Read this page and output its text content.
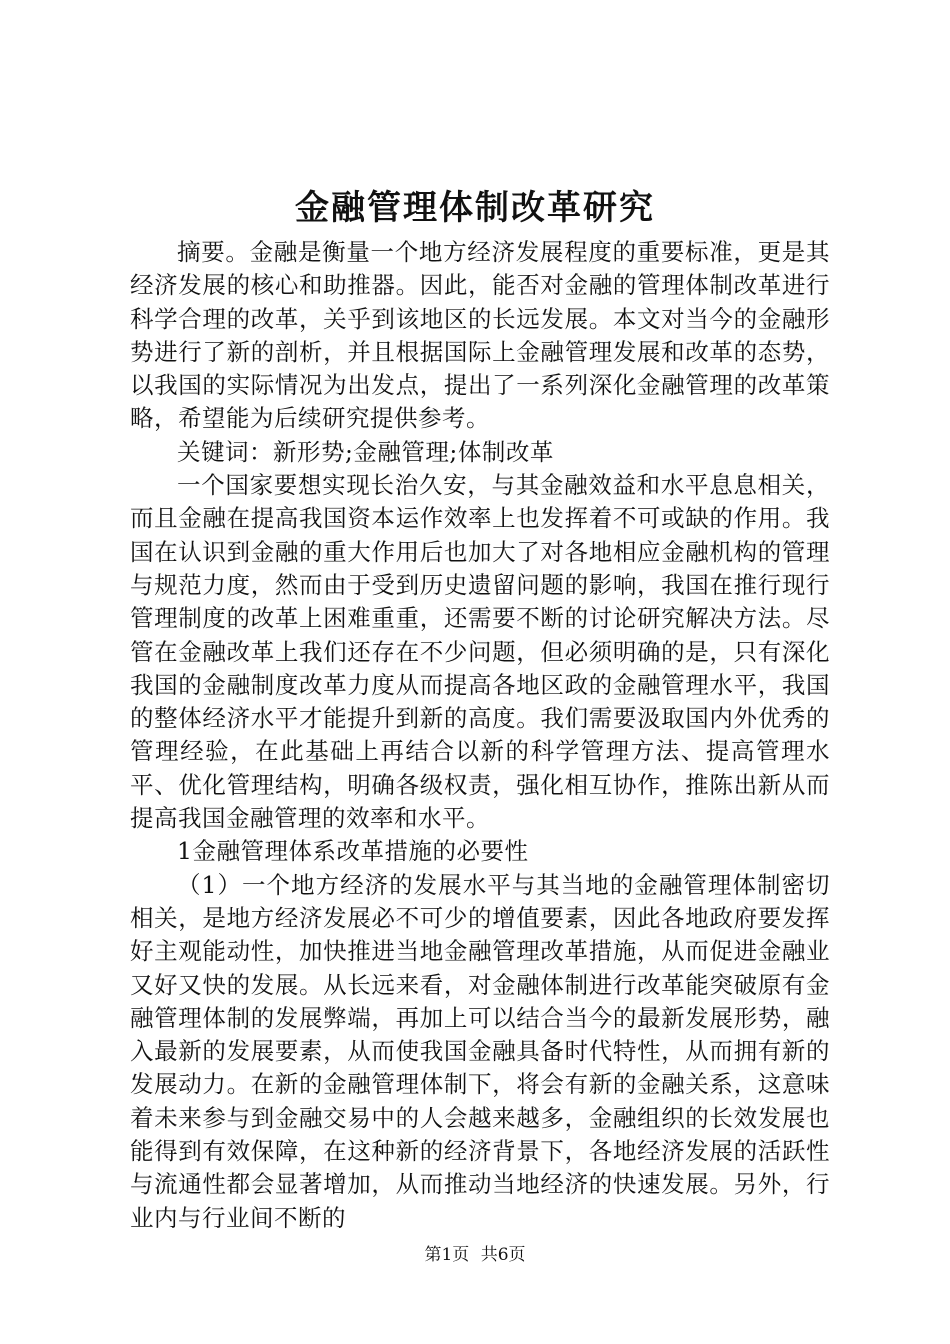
金融管理体制改革研究

摘要。金融是衡量一个地方经济发展程度的重要标准，更是其经济发展的核心和助推器。因此，能否对金融的管理体制改革进行科学合理的改革，关乎到该地区的长远发展。本文对当今的金融形势进行了新的剖析，并且根据国际上金融管理发展和改革的态势，以我国的实际情况为出发点，提出了一系列深化金融管理的改革策略，希望能为后续研究提供参考。

关键词：新形势;金融管理;体制改革

一个国家要想实现长治久安，与其金融效益和水平息息相关，而且金融在提高我国资本运作效率上也发挥着不可或缺的作用。我国在认识到金融的重大作用后也加大了对各地相应金融机构的管理与规范力度，然而由于受到历史遗留问题的影响，我国在推行现行管理制度的改革上困难重重，还需要不断的讨论研究解决方法。尽管在金融改革上我们还存在不少问题，但必须明确的是，只有深化我国的金融制度改革力度从而提高各地区政的金融管理水平，我国的整体经济水平才能提升到新的高度。我们需要汲取国内外优秀的管理经验，在此基础上再结合以新的科学管理方法、提高管理水平、优化管理结构，明确各级权责，强化相互协作，推陈出新从而提高我国金融管理的效率和水平。

1金融管理体系改革措施的必要性

（1）一个地方经济的发展水平与其当地的金融管理体制密切相关，是地方经济发展必不可少的增值要素，因此各地政府要发挥好主观能动性，加快推进当地金融管理改革措施，从而促进金融业又好又快的发展。从长远来看，对金融体制进行改革能突破原有金融管理体制的发展弊端，再加上可以结合当今的最新发展形势，融入最新的发展要素，从而使我国金融具备时代特性，从而拥有新的发展动力。在新的金融管理体制下，将会有新的金融关系，这意味着未来参与到金融交易中的人会越来越多，金融组织的长效发展也能得到有效保障，在这种新的经济背景下，各地经济发展的活跃性与流通性都会显著增加，从而推动当地经济的快速发展。另外，行业内与行业间不断的

第1页 共6页
